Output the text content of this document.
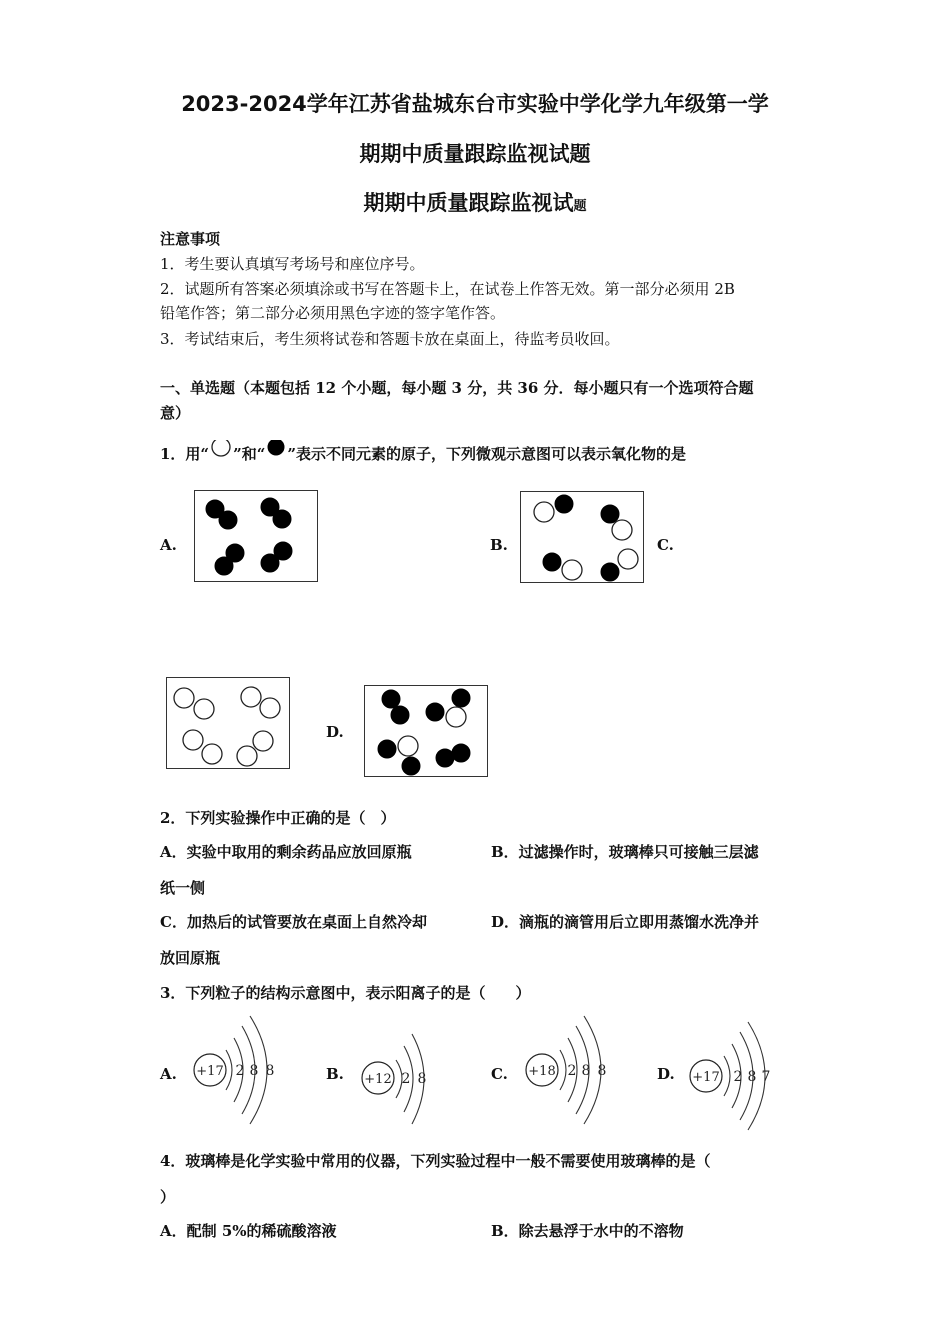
2023-2024学年江苏省盐城东台市实验中学化学九年级第一学
期期中质量跟踪监视试题
期期中质量跟踪监视试题
注意事项
1．考生要认真填写考场号和座位序号。
2．试题所有答案必须填涂或书写在答题卡上，在试卷上作答无效。第一部分必须用 2B
铅笔作答；第二部分必须用黑色字迹的签字笔作答。
3．考试结束后，考生须将试卷和答题卡放在桌面上，待监考员收回。
一、单选题（本题包括 12 个小题，每小题 3 分，共 36 分．每小题只有一个选项符合题
意）
1．用“ ”和“ ”表示不同元素的原子，下列微观示意图可以表示氧化物的是
A.	B.	C.
D.
2．下列实验操作中正确的是（　）
A．实验中取用的剩余药品应放回原瓶	B．过滤操作时，玻璃棒只可接触三层滤
纸一侧
C．加热后的试管要放在桌面上自然冷却	D．滴瓶的滴管用后立即用蒸馏水洗净并
放回原瓶
3．下列粒子的结构示意图中，表示阳离子的是（　　）
A. +17 2 8 8	B. +12 2 8	C. +18 2 8 8	D. +17 2 8 7
4．玻璃棒是化学实验中常用的仪器，下列实验过程中一般不需要使用玻璃棒的是（
）
A．配制 5%的稀硫酸溶液	B．除去悬浮于水中的不溶物
